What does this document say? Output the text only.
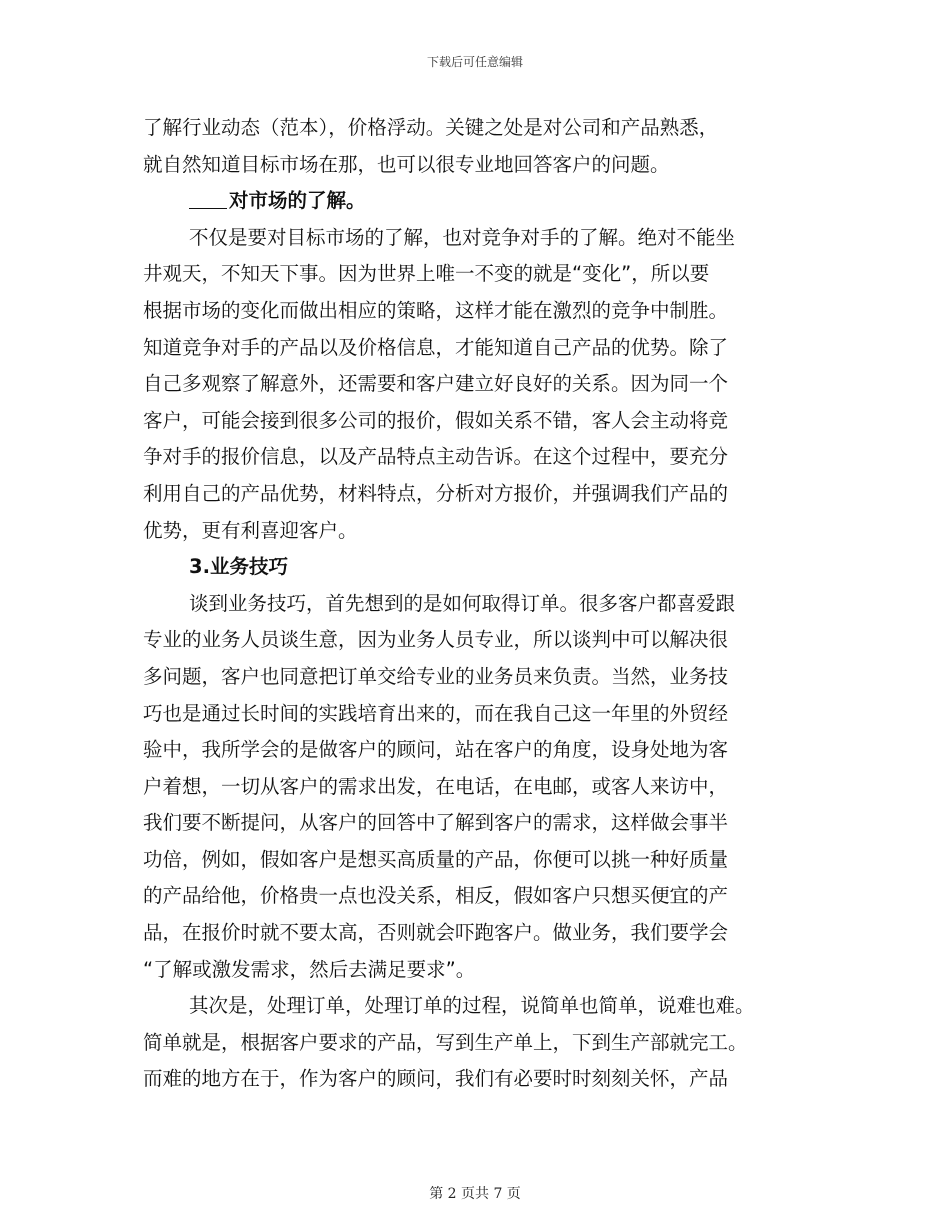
下载后可任意编辑
了解行业动态（范本），价格浮动。关键之处是对公司和产品熟悉，
就自然知道目标市场在那，也可以很专业地回答客户的问题。
对市场的了解。
不仅是要对目标市场的了解，也对竞争对手的了解。绝对不能坐
井观天，不知天下事。因为世界上唯一不变的就是“变化”，所以要
根据市场的变化而做出相应的策略，这样才能在激烈的竞争中制胜。
知道竞争对手的产品以及价格信息，才能知道自己产品的优势。除了
自己多观察了解意外，还需要和客户建立好良好的关系。因为同一个
客户，可能会接到很多公司的报价，假如关系不错，客人会主动将竞
争对手的报价信息，以及产品特点主动告诉。在这个过程中，要充分
利用自己的产品优势，材料特点，分析对方报价，并强调我们产品的
优势，更有利喜迎客户。
3.业务技巧
谈到业务技巧，首先想到的是如何取得订单。很多客户都喜爱跟
专业的业务人员谈生意，因为业务人员专业，所以谈判中可以解决很
多问题，客户也同意把订单交给专业的业务员来负责。当然，业务技
巧也是通过长时间的实践培育出来的，而在我自己这一年里的外贸经
验中，我所学会的是做客户的顾问，站在客户的角度，设身处地为客
户着想，一切从客户的需求出发，在电话，在电邮，或客人来访中，
我们要不断提问，从客户的回答中了解到客户的需求，这样做会事半
功倍，例如，假如客户是想买高质量的产品，你便可以挑一种好质量
的产品给他，价格贵一点也没关系，相反，假如客户只想买便宜的产
品，在报价时就不要太高，否则就会吓跑客户。做业务，我们要学会
“了解或激发需求，然后去满足要求”。
其次是，处理订单，处理订单的过程，说简单也简单，说难也难。
简单就是，根据客户要求的产品，写到生产单上，下到生产部就完工。
而难的地方在于，作为客户的顾问，我们有必要时时刻刻关怀，产品
第 2 页共 7 页
